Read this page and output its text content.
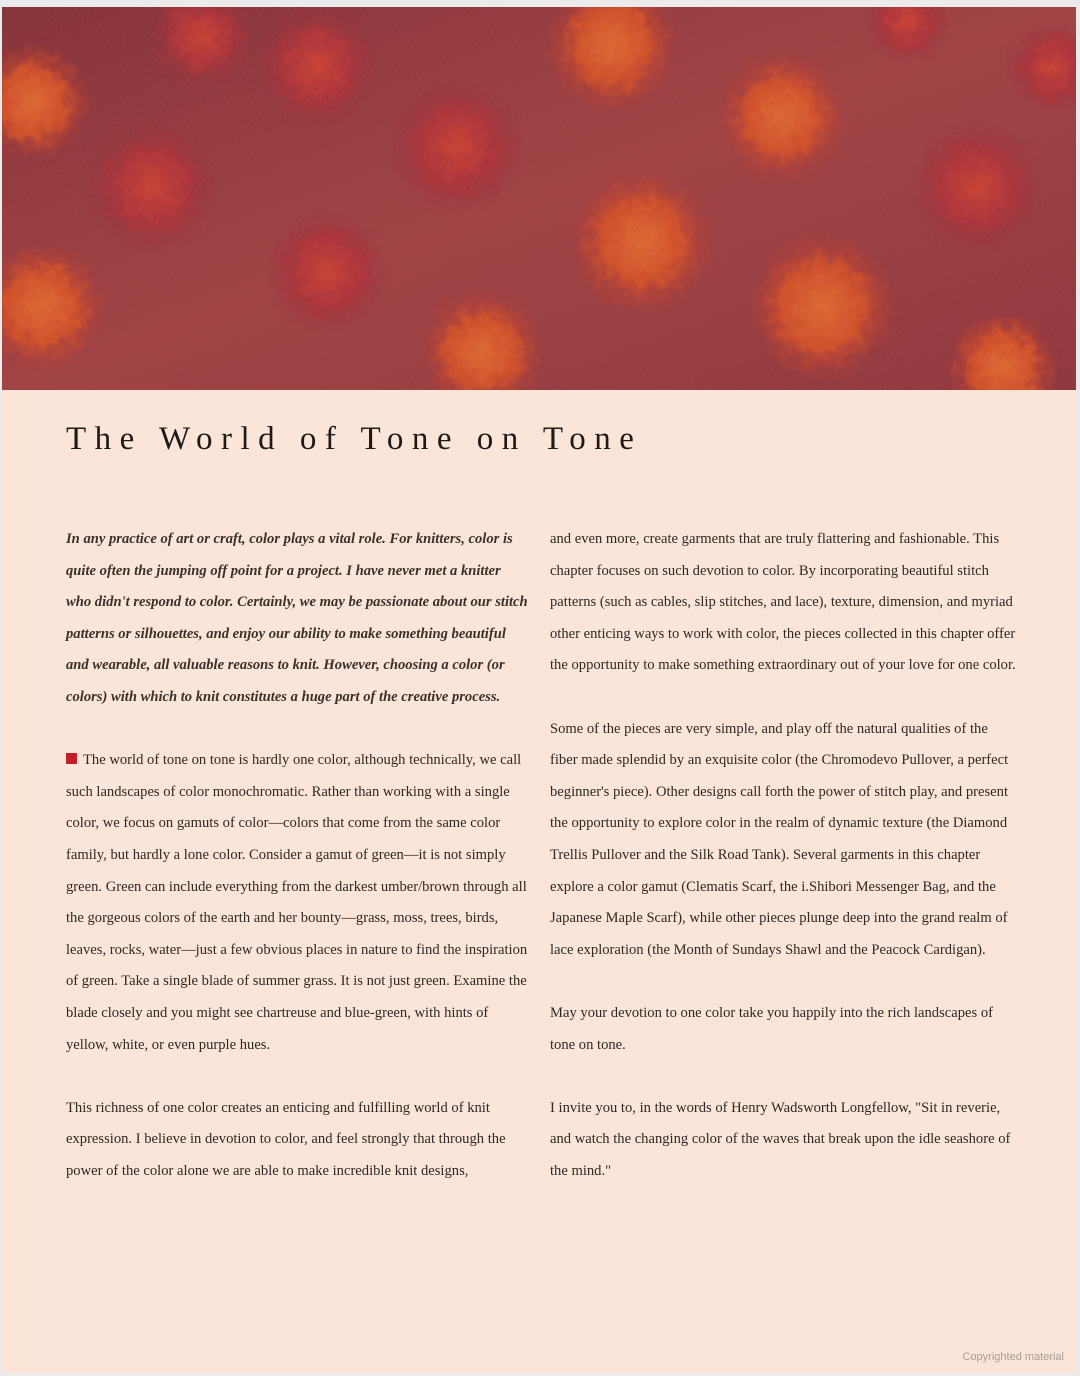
The World of Tone on Tone

In any practice of art or craft, color plays a vital role. For knitters, color is quite often the jumping off point for a project. I have never met a knitter who didn't respond to color. Certainly, we may be passionate about our stitch patterns or silhouettes, and enjoy our ability to make something beautiful and wearable, all valuable reasons to knit. However, choosing a color (or colors) with which to knit constitutes a huge part of the creative process.

The world of tone on tone is hardly one color, although technically, we call such landscapes of color monochromatic. Rather than working with a single color, we focus on gamuts of color—colors that come from the same color family, but hardly a lone color. Consider a gamut of green—it is not simply green. Green can include everything from the darkest umber/brown through all the gorgeous colors of the earth and her bounty—grass, moss, trees, birds, leaves, rocks, water—just a few obvious places in nature to find the inspiration of green. Take a single blade of summer grass. It is not just green. Examine the blade closely and you might see chartreuse and blue-green, with hints of yellow, white, or even purple hues.

This richness of one color creates an enticing and fulfilling world of knit expression. I believe in devotion to color, and feel strongly that through the power of the color alone we are able to make incredible knit designs,

and even more, create garments that are truly flattering and fashionable. This chapter focuses on such devotion to color. By incorporating beautiful stitch patterns (such as cables, slip stitches, and lace), texture, dimension, and myriad other enticing ways to work with color, the pieces collected in this chapter offer the opportunity to make something extraordinary out of your love for one color.

Some of the pieces are very simple, and play off the natural qualities of the fiber made splendid by an exquisite color (the Chromodevo Pullover, a perfect beginner's piece). Other designs call forth the power of stitch play, and present the opportunity to explore color in the realm of dynamic texture (the Diamond Trellis Pullover and the Silk Road Tank). Several garments in this chapter explore a color gamut (Clematis Scarf, the i.Shibori Messenger Bag, and the Japanese Maple Scarf), while other pieces plunge deep into the grand realm of lace exploration (the Month of Sundays Shawl and the Peacock Cardigan).

May your devotion to one color take you happily into the rich landscapes of tone on tone.

I invite you to, in the words of Henry Wadsworth Longfellow, "Sit in reverie, and watch the changing color of the waves that break upon the idle seashore of the mind."

Copyrighted material
